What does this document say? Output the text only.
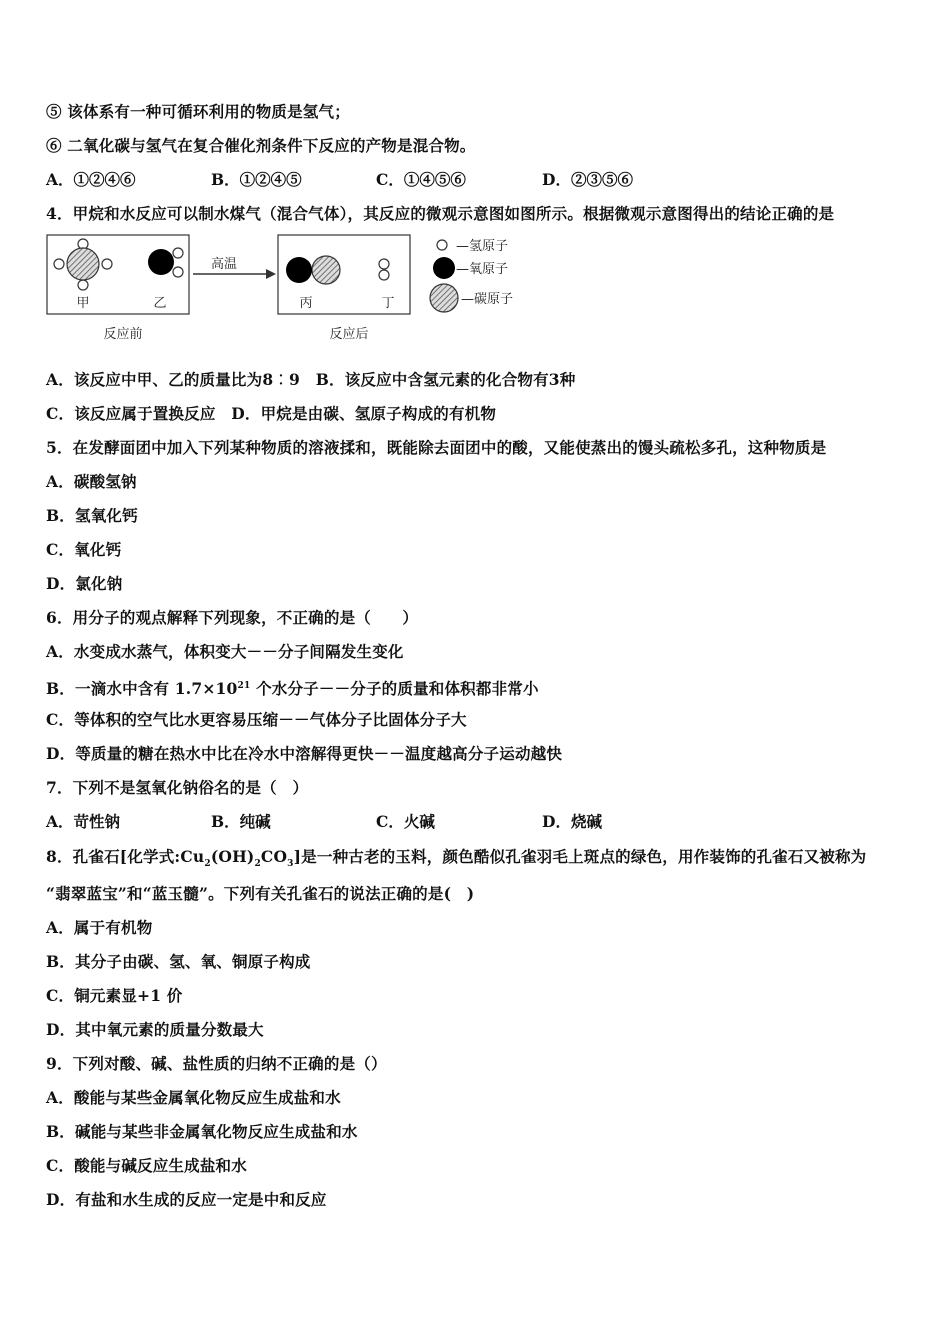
⑤ 该体系有一种可循环利用的物质是氢气；
⑥ 二氧化碳与氢气在复合催化剂条件下反应的产物是混合物。
A．①②④⑥	B．①②④⑤	C．①④⑤⑥	D．②③⑤⑥
4．甲烷和水反应可以制水煤气（混合气体），其反应的微观示意图如图所示。根据微观示意图得出的结论正确的是
甲	乙
反应前
高温
丙	丁
反应后
—氢原子
—氧原子
—碳原子
A．该反应中甲、乙的质量比为8︰9　B．该反应中含氢元素的化合物有3种
C．该反应属于置换反应　D．甲烷是由碳、氢原子构成的有机物
5．在发酵面团中加入下列某种物质的溶液揉和，既能除去面团中的酸，又能使蒸出的馒头疏松多孔，这种物质是
A．碳酸氢钠
B．氢氧化钙
C．氧化钙
D．氯化钠
6．用分子的观点解释下列现象，不正确的是（　　）
A．水变成水蒸气，体积变大－－分子间隔发生变化
B．一滴水中含有 $1.7\times 10^{21}$ 个水分子－－分子的质量和体积都非常小
C．等体积的空气比水更容易压缩－－气体分子比固体分子大
D．等质量的糖在热水中比在冷水中溶解得更快－－温度越高分子运动越快
7．下列不是氢氧化钠俗名的是（　）
A．苛性钠	B．纯碱	C．火碱	D．烧碱
8．孔雀石[化学式$:Cu_2(OH)_2CO_3$]是一种古老的玉料，颜色酷似孔雀羽毛上斑点的绿色，用作装饰的孔雀石又被称为
“翡翠蓝宝”和“蓝玉髓”。下列有关孔雀石的说法正确的是(　)
A．属于有机物
B．其分子由碳、氢、氧、铜原子构成
C．铜元素显+1 价
D．其中氧元素的质量分数最大
9．下列对酸、碱、盐性质的归纳不正确的是（）
A．酸能与某些金属氧化物反应生成盐和水
B．碱能与某些非金属氧化物反应生成盐和水
C．酸能与碱反应生成盐和水
D．有盐和水生成的反应一定是中和反应
